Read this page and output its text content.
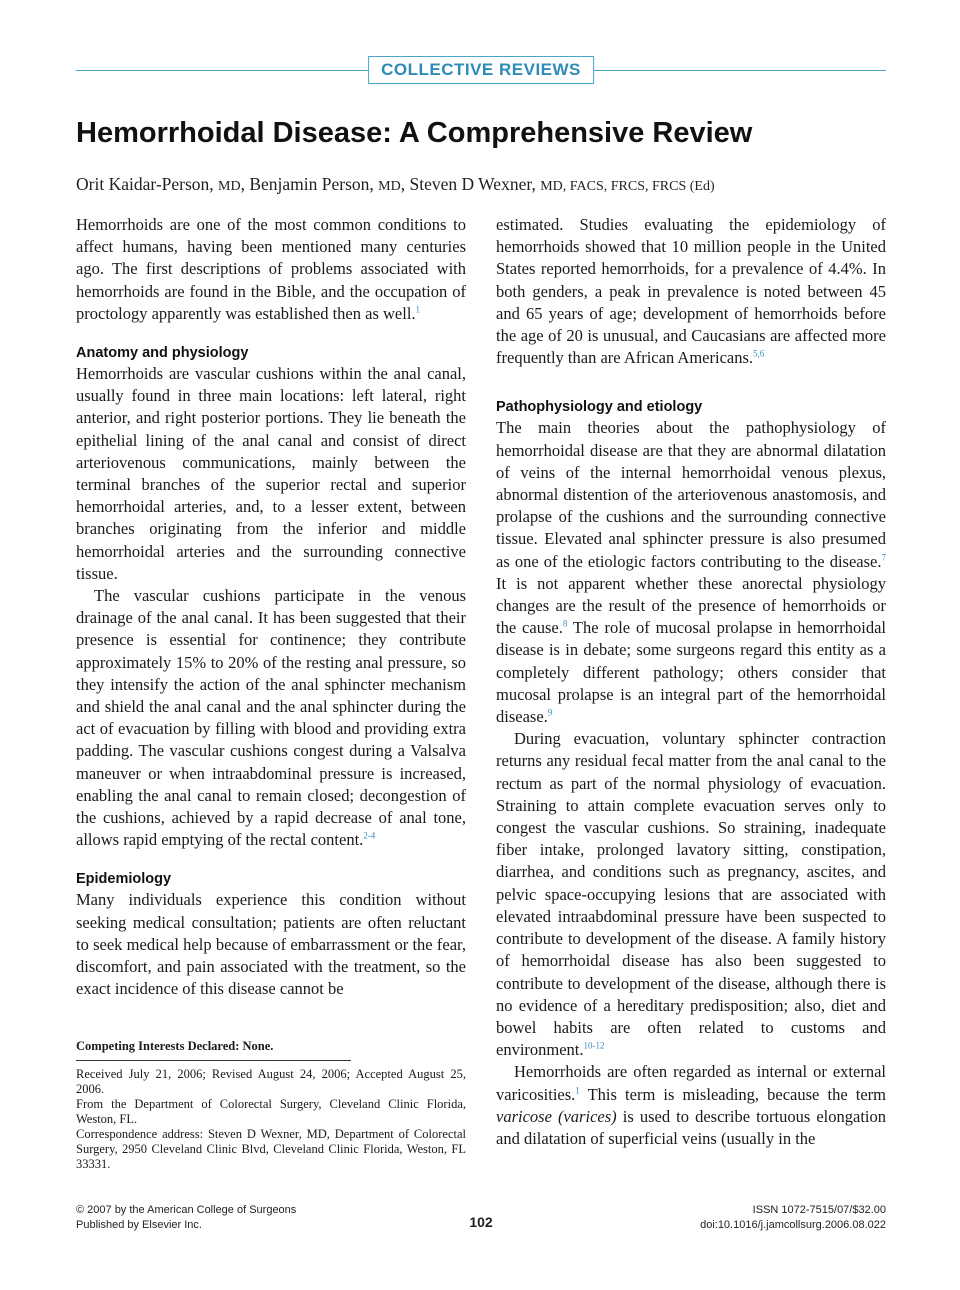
COLLECTIVE REVIEWS
Hemorrhoidal Disease: A Comprehensive Review
Orit Kaidar-Person, MD, Benjamin Person, MD, Steven D Wexner, MD, FACS, FRCS, FRCS (Ed)

Hemorrhoids are one of the most common conditions to affect humans, having been mentioned many centuries ago. The first descriptions of problems associated with hemorrhoids are found in the Bible, and the occupation of proctology apparently was established then as well.$^1$

Anatomy and physiology

Hemorrhoids are vascular cushions within the anal canal, usually found in three main locations: left lateral, right anterior, and right posterior portions. They lie beneath the epithelial lining of the anal canal and consist of direct arteriovenous communications, mainly between the terminal branches of the superior rectal and superior hemorrhoidal arteries, and, to a lesser extent, between branches originating from the inferior and middle hemorrhoidal arteries and the surrounding connective tissue.

The vascular cushions participate in the venous drainage of the anal canal. It has been suggested that their presence is essential for continence; they contribute approximately 15% to 20% of the resting anal pressure, so they intensify the action of the anal sphincter mechanism and shield the anal canal and the anal sphincter during the act of evacuation by filling with blood and providing extra padding. The vascular cushions congest during a Valsalva maneuver or when intraabdominal pressure is increased, enabling the anal canal to remain closed; decongestion of the cushions, achieved by a rapid decrease of anal tone, allows rapid emptying of the rectal content.$^{2-4}$

Epidemiology

Many individuals experience this condition without seeking medical consultation; patients are often reluctant to seek medical help because of embarrassment or the fear, discomfort, and pain associated with the treatment, so the exact incidence of this disease cannot be

estimated. Studies evaluating the epidemiology of hemorrhoids showed that 10 million people in the United States reported hemorrhoids, for a prevalence of 4.4%. In both genders, a peak in prevalence is noted between 45 and 65 years of age; development of hemorrhoids before the age of 20 is unusual, and Caucasians are affected more frequently than are African Americans.$^{5,6}$

Pathophysiology and etiology

The main theories about the pathophysiology of hemorrhoidal disease are that they are abnormal dilatation of veins of the internal hemorrhoidal venous plexus, abnormal distention of the arteriovenous anastomosis, and prolapse of the cushions and the surrounding connective tissue. Elevated anal sphincter pressure is also presumed as one of the etiologic factors contributing to the disease.$^7$ It is not apparent whether these anorectal physiology changes are the result of the presence of hemorrhoids or the cause.$^8$ The role of mucosal prolapse in hemorrhoidal disease is in debate; some surgeons regard this entity as a completely different pathology; others consider that mucosal prolapse is an integral part of the hemorrhoidal disease.$^9$

During evacuation, voluntary sphincter contraction returns any residual fecal matter from the anal canal to the rectum as part of the normal physiology of evacuation. Straining to attain complete evacuation serves only to congest the vascular cushions. So straining, inadequate fiber intake, prolonged lavatory sitting, constipation, diarrhea, and conditions such as pregnancy, ascites, and pelvic space-occupying lesions that are associated with elevated intraabdominal pressure have been suspected to contribute to development of the disease. A family history of hemorrhoidal disease has also been suggested to contribute to development of the disease, although there is no evidence of a hereditary predisposition; also, diet and bowel habits are often related to customs and environment.$^{10-12}$

Hemorrhoids are often regarded as internal or external varicosities.$^1$ This term is misleading, because the term varicose (varices) is used to describe tortuous elongation and dilatation of superficial veins (usually in the

Competing Interests Declared: None.

Received July 21, 2006; Revised August 24, 2006; Accepted August 25, 2006.

From the Department of Colorectal Surgery, Cleveland Clinic Florida, Weston, FL.

Correspondence address: Steven D Wexner, MD, Department of Colorectal Surgery, 2950 Cleveland Clinic Blvd, Cleveland Clinic Florida, Weston, FL 33331.

© 2007 by the American College of Surgeons
Published by Elsevier Inc.	102
ISSN 1072-7515/07/$32.00
doi:10.1016/j.jamcollsurg.2006.08.022
